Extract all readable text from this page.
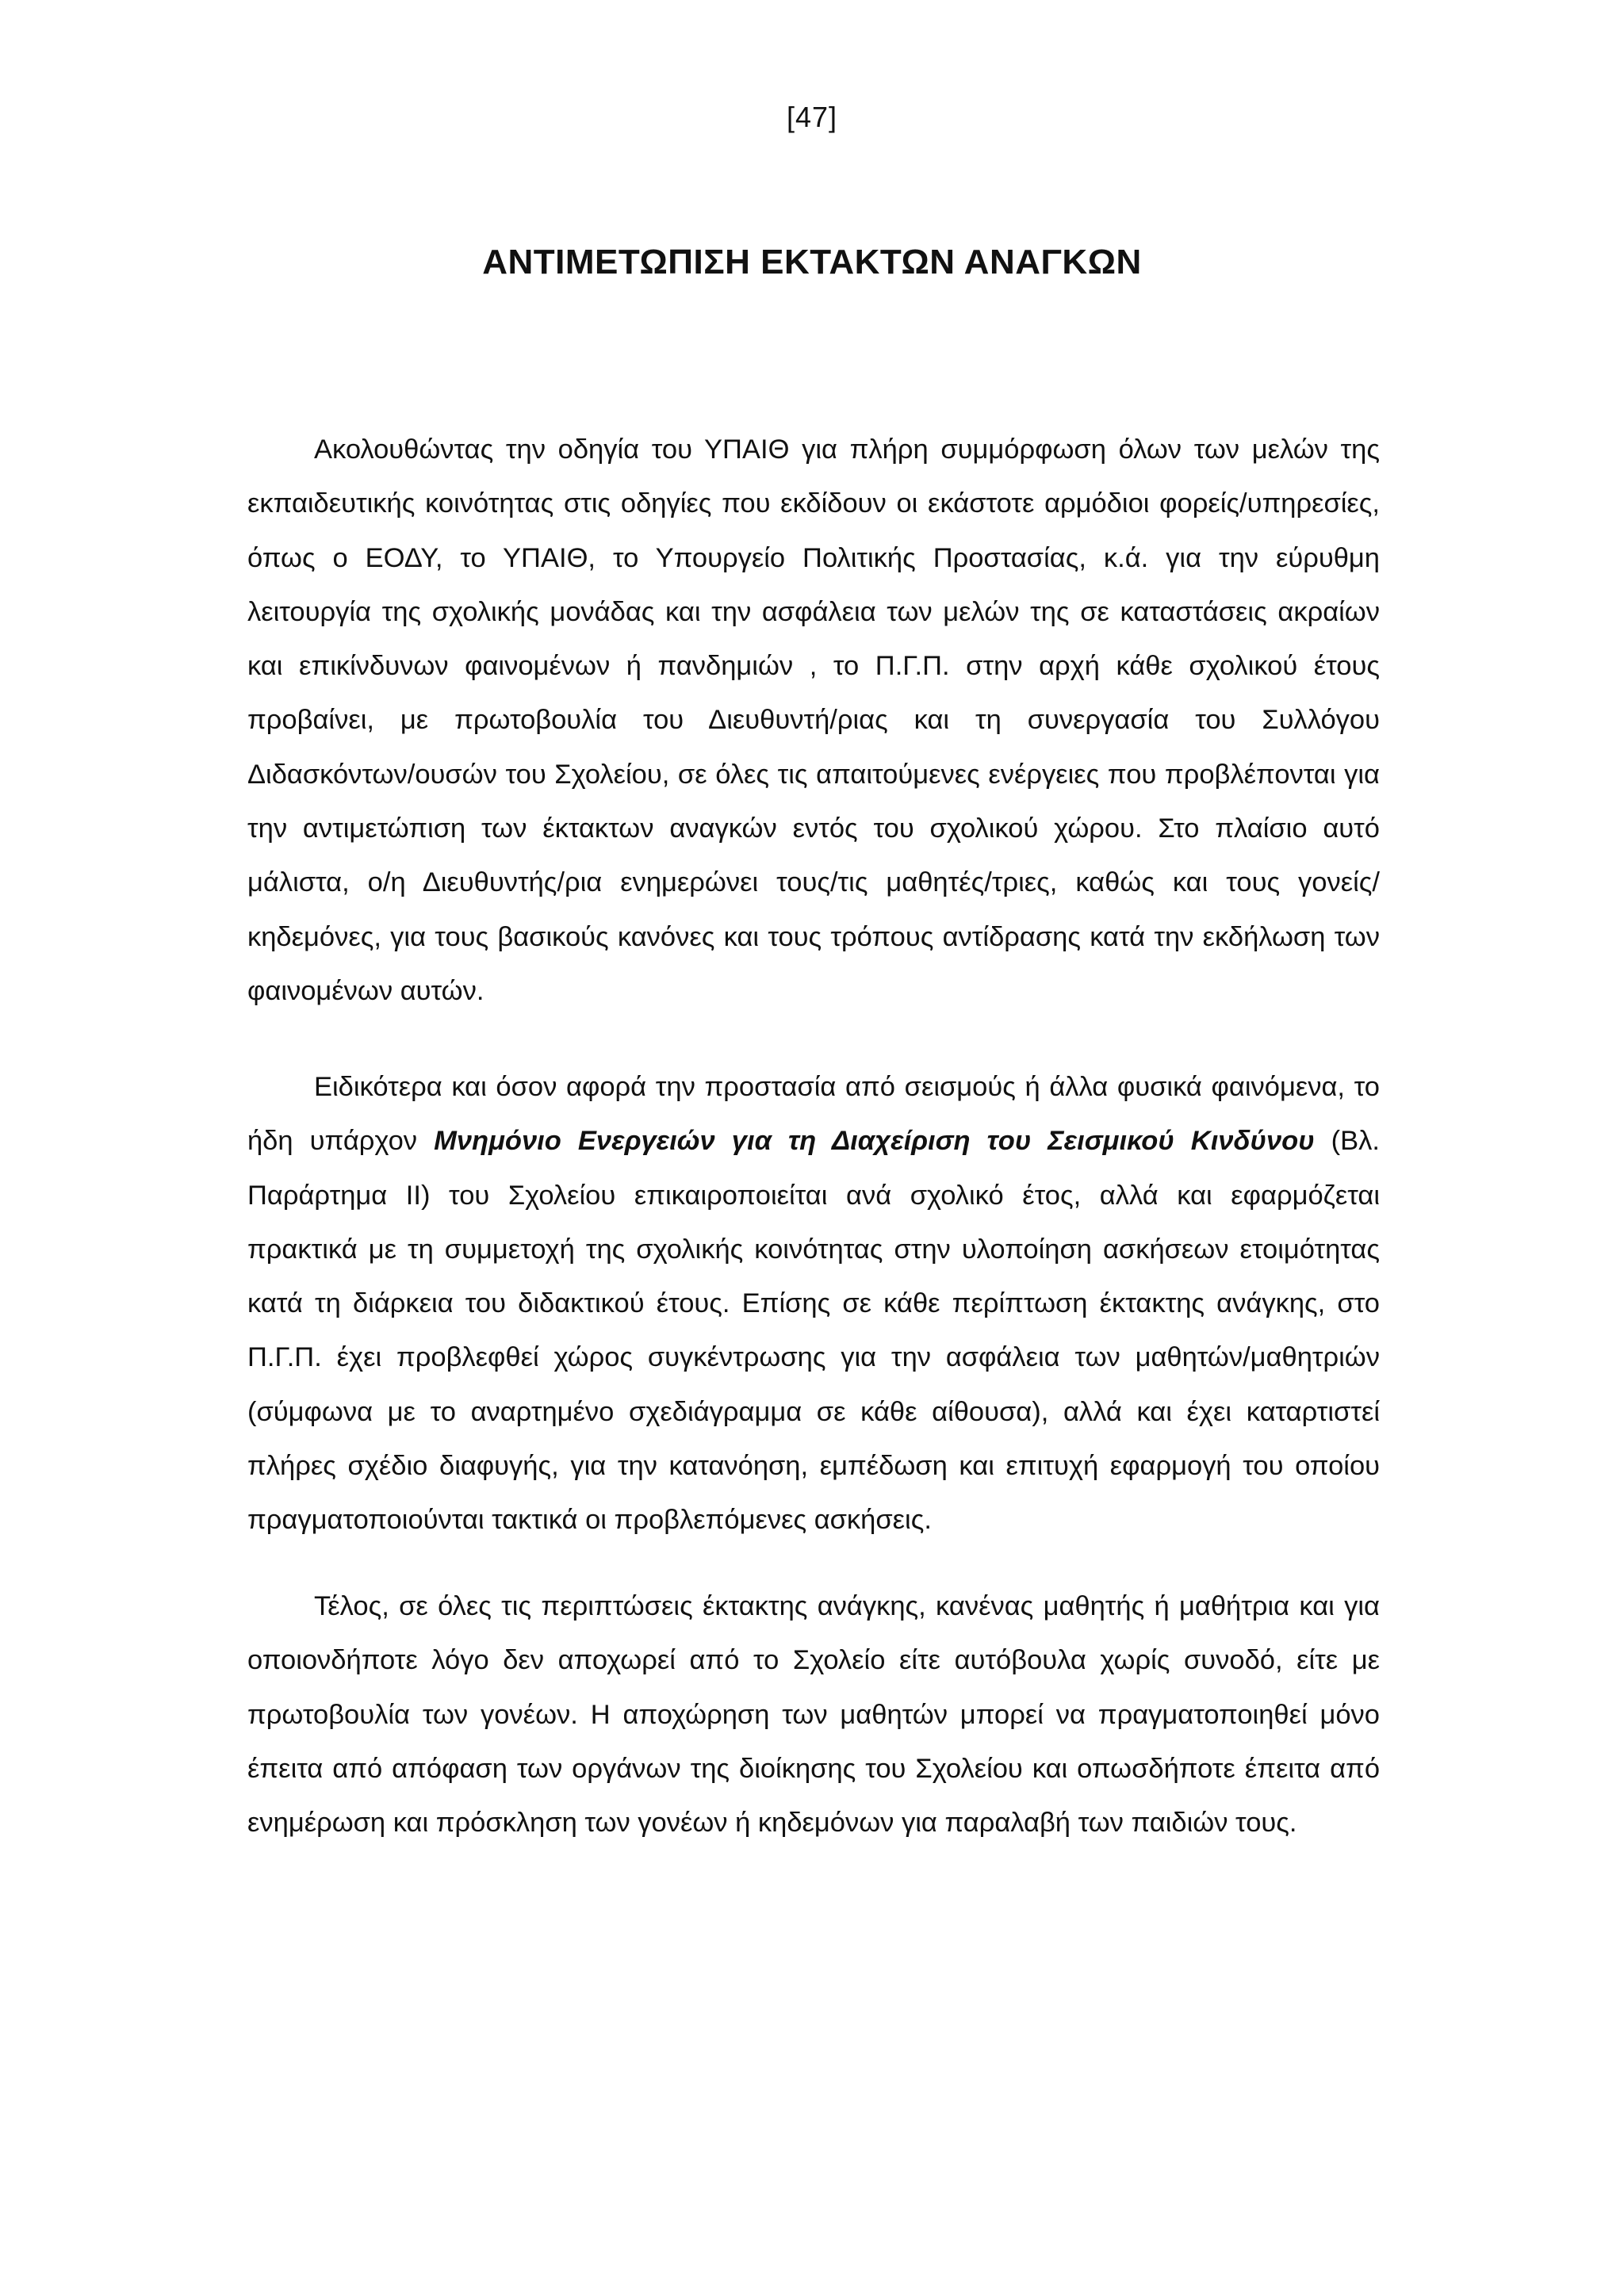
[47]
ΑΝΤΙΜΕΤΩΠΙΣΗ ΕΚΤΑΚΤΩΝ ΑΝΑΓΚΩΝ

Ακολουθώντας την οδηγία του ΥΠΑΙΘ για πλήρη συμμόρφωση όλων των μελών της εκπαιδευτικής κοινότητας στις οδηγίες που εκδίδουν οι εκάστοτε αρμόδιοι φορείς/υπηρεσίες, όπως ο ΕΟΔΥ, το ΥΠΑΙΘ, το Υπουργείο Πολιτικής Προστασίας, κ.ά. για την εύρυθμη λειτουργία της σχολικής μονάδας και την ασφάλεια των μελών της σε καταστάσεις ακραίων και επικίνδυνων φαινομένων ή πανδημιών , το Π.Γ.Π. στην αρχή κάθε σχολικού έτους προβαίνει, με πρωτοβουλία του Διευθυντή/ριας και τη συνεργασία του Συλλόγου Διδασκόντων/ουσών του Σχολείου, σε όλες τις απαιτούμενες ενέργειες που προβλέπονται για την αντιμετώπιση των έκτακτων αναγκών εντός του σχολικού χώρου. Στο πλαίσιο αυτό μάλιστα, ο/η Διευθυντής/ρια ενημερώνει τους/τις μαθητές/τριες, καθώς και τους γονείς/κηδεμόνες, για τους βασικούς κανόνες και τους τρόπους αντίδρασης κατά την εκδήλωση των φαινομένων αυτών.

Ειδικότερα και όσον αφορά την προστασία από σεισμούς ή άλλα φυσικά φαινόμενα, το ήδη υπάρχον Μνημόνιο Ενεργειών για τη Διαχείριση του Σεισμικού Κινδύνου (Βλ. Παράρτημα ΙΙ) του Σχολείου επικαιροποιείται ανά σχολικό έτος, αλλά και εφαρμόζεται πρακτικά με τη συμμετοχή της σχολικής κοινότητας στην υλοποίηση ασκήσεων ετοιμότητας κατά τη διάρκεια του διδακτικού έτους. Επίσης σε κάθε περίπτωση έκτακτης ανάγκης, στο Π.Γ.Π. έχει προβλεφθεί χώρος συγκέντρωσης για την ασφάλεια των μαθητών/μαθητριών (σύμφωνα με το αναρτημένο σχεδιάγραμμα σε κάθε αίθουσα), αλλά και έχει καταρτιστεί πλήρες σχέδιο διαφυγής, για την κατανόηση, εμπέδωση και επιτυχή εφαρμογή του οποίου πραγματοποιούνται τακτικά οι προβλεπόμενες ασκήσεις.

Τέλος, σε όλες τις περιπτώσεις έκτακτης ανάγκης, κανένας μαθητής ή μαθήτρια και για οποιονδήποτε λόγο δεν αποχωρεί από το Σχολείο είτε αυτόβουλα χωρίς συνοδό, είτε με πρωτοβουλία των γονέων. Η αποχώρηση των μαθητών μπορεί να πραγματοποιηθεί μόνο έπειτα από απόφαση των οργάνων της διοίκησης του Σχολείου και οπωσδήποτε έπειτα από ενημέρωση και πρόσκληση των γονέων ή κηδεμόνων για παραλαβή των παιδιών τους.
